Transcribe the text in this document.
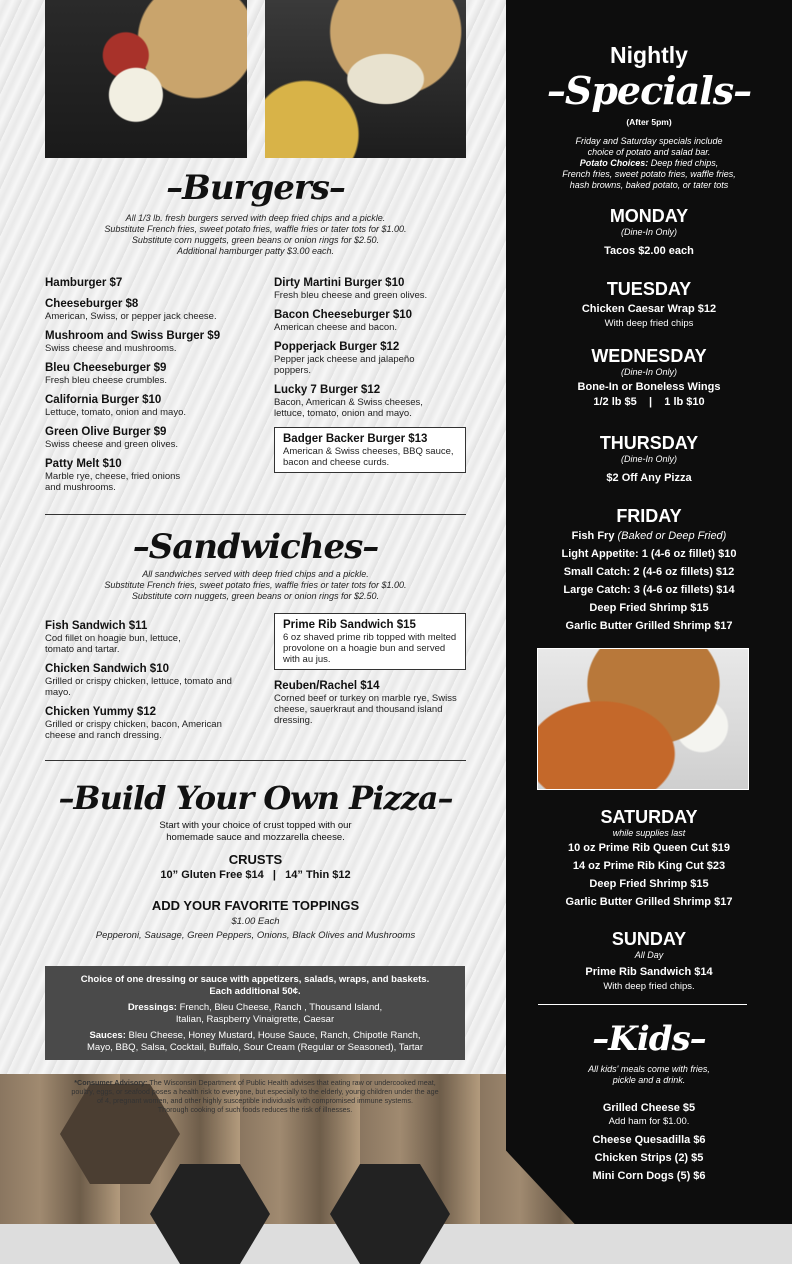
–Burgers–
All 1/3 lb. fresh burgers served with deep fried chips and a pickle.
Substitute French fries, sweet potato fries, waffle fries or tater tots for $1.00.
Substitute corn nuggets, green beans or onion rings for $2.50.
Additional hamburger patty $3.00 each.
Hamburger $7
Cheeseburger $8
American, Swiss, or pepper jack cheese.
Mushroom and Swiss Burger $9
Swiss cheese and mushrooms.
Bleu Cheeseburger $9
Fresh bleu cheese crumbles.
California Burger $10
Lettuce, tomato, onion and mayo.
Green Olive Burger $9
Swiss cheese and green olives.
Patty Melt $10
Marble rye, cheese, fried onions and mushrooms.
Dirty Martini Burger $10
Fresh bleu cheese and green olives.
Bacon Cheeseburger $10
American cheese and bacon.
Popperjack Burger $12
Pepper jack cheese and jalapeño poppers.
Lucky 7 Burger $12
Bacon, American & Swiss cheeses, lettuce, tomato, onion and mayo.
Badger Backer Burger $13
American & Swiss cheeses, BBQ sauce, bacon and cheese curds.
–Sandwiches–
All sandwiches served with deep fried chips and a pickle.
Substitute French fries, sweet potato fries, waffle fries or tater tots for $1.00.
Substitute corn nuggets, green beans or onion rings for $2.50.
Fish Sandwich $11
Cod fillet on hoagie bun, lettuce, tomato and tartar.
Chicken Sandwich $10
Grilled or crispy chicken, lettuce, tomato and mayo.
Chicken Yummy $12
Grilled or crispy chicken, bacon, American cheese and ranch dressing.
Prime Rib Sandwich $15
6 oz shaved prime rib topped with melted provolone on a hoagie bun and served with au jus.
Reuben/Rachel $14
Corned beef or turkey on marble rye, Swiss cheese, sauerkraut and thousand island dressing.
–Build Your Own Pizza–
Start with your choice of crust topped with our
homemade sauce and mozzarella cheese.
CRUSTS
10” Gluten Free $14   |   14” Thin $12
ADD YOUR FAVORITE TOPPINGS
$1.00 Each
Pepperoni, Sausage, Green Peppers, Onions, Black Olives and Mushrooms
Choice of one dressing or sauce with appetizers, salads, wraps, and baskets.
Each additional 50¢.
Dressings: French, Bleu Cheese, Ranch , Thousand Island,
Italian, Raspberry Vinaigrette, Caesar
Sauces: Bleu Cheese, Honey Mustard, House Sauce, Ranch, Chipotle Ranch,
Mayo, BBQ, Salsa, Cocktail, Buffalo, Sour Cream (Regular or Seasoned), Tartar
*Consumer Advisory: The Wisconsin Department of Public Health advises that eating raw or undercooked meat,
poultry, eggs, or seafood poses a health risk to everyone, but especially to the elderly, young children under the age
of 4, pregnant women, and other highly susceptible individuals with compromised immune systems.
Thorough cooking of such foods reduces the risk of illnesses.
Nightly
–Specials–
(After 5pm)
Friday and Saturday specials include
choice of potato and salad bar.
Potato Choices: Deep fried chips,
French fries, sweet potato fries, waffle fries,
hash browns, baked potato, or tater tots
MONDAY
(Dine-In Only)
Tacos $2.00 each
TUESDAY
Chicken Caesar Wrap $12
With deep fried chips
WEDNESDAY
(Dine-In Only)
Bone-In or Boneless Wings
1/2 lb $5    |    1 lb $10
THURSDAY
(Dine-In Only)
$2 Off Any Pizza
FRIDAY
Fish Fry (Baked or Deep Fried)
Light Appetite: 1 (4-6 oz fillet) $10
Small Catch: 2 (4-6 oz fillets) $12
Large Catch: 3 (4-6 oz fillets) $14
Deep Fried Shrimp $15
Garlic Butter Grilled Shrimp $17
SATURDAY
while supplies last
10 oz Prime Rib Queen Cut $19
14 oz Prime Rib King Cut $23
Deep Fried Shrimp $15
Garlic Butter Grilled Shrimp $17
SUNDAY
All Day
Prime Rib Sandwich $14
With deep fried chips.
–Kids–
All kids' meals come with fries,
pickle and a drink.
Grilled Cheese $5
Add ham for $1.00.
Cheese Quesadilla $6
Chicken Strips (2) $5
Mini Corn Dogs (5) $6
